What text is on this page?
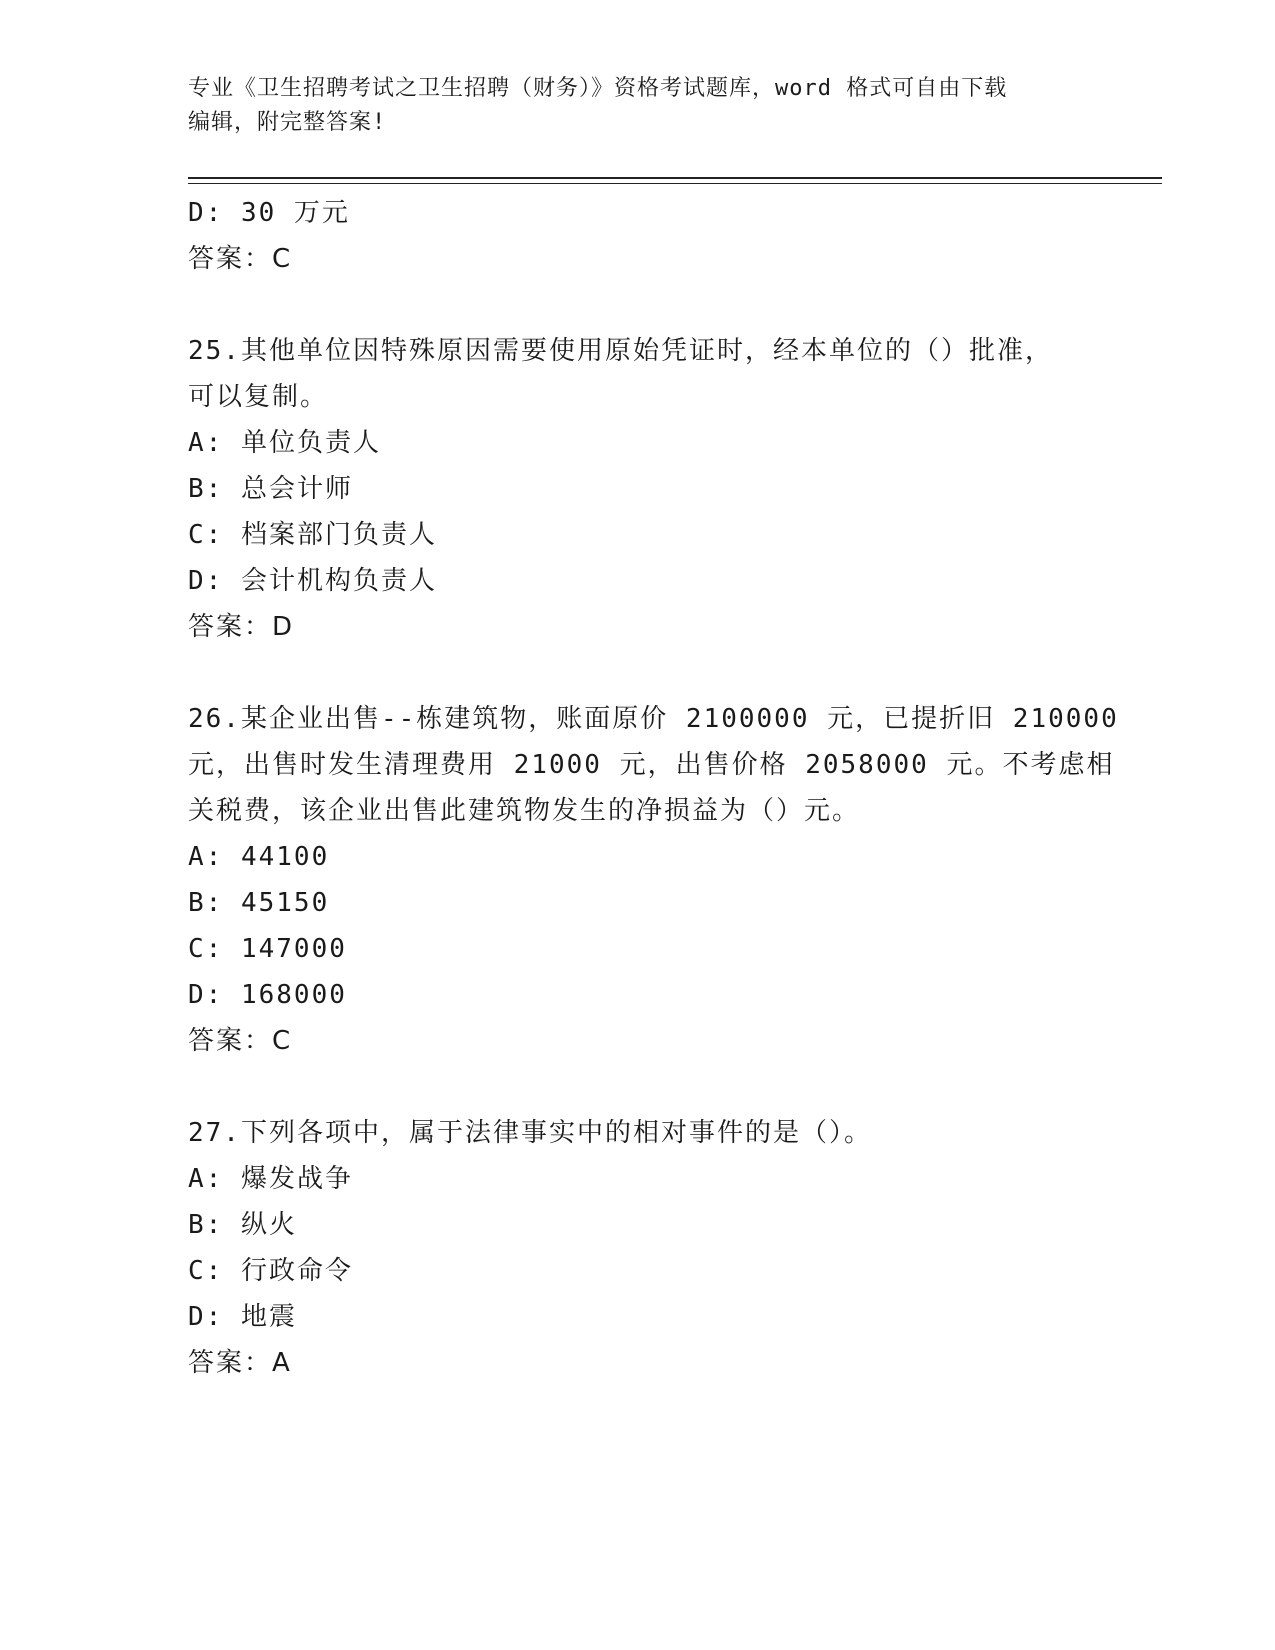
专业《卫生招聘考试之卫生招聘（财务）》资格考试题库，word 格式可自由下载
编辑，附完整答案!
D: 30 万元
答案：C
25.其他单位因特殊原因需要使用原始凭证时，经本单位的（）批准，
可以复制。
A: 单位负责人
B: 总会计师
C: 档案部门负责人
D: 会计机构负责人
答案：D
26.某企业出售--栋建筑物，账面原价 2100000 元，已提折旧 210000
元，出售时发生清理费用 21000 元，出售价格 2058000 元。不考虑相
关税费，该企业出售此建筑物发生的净损益为（）元。
A: 44100
B: 45150
C: 147000
D: 168000
答案：C
27.下列各项中，属于法律事实中的相对事件的是（）。
A: 爆发战争
B: 纵火
C: 行政命令
D: 地震
答案：A
